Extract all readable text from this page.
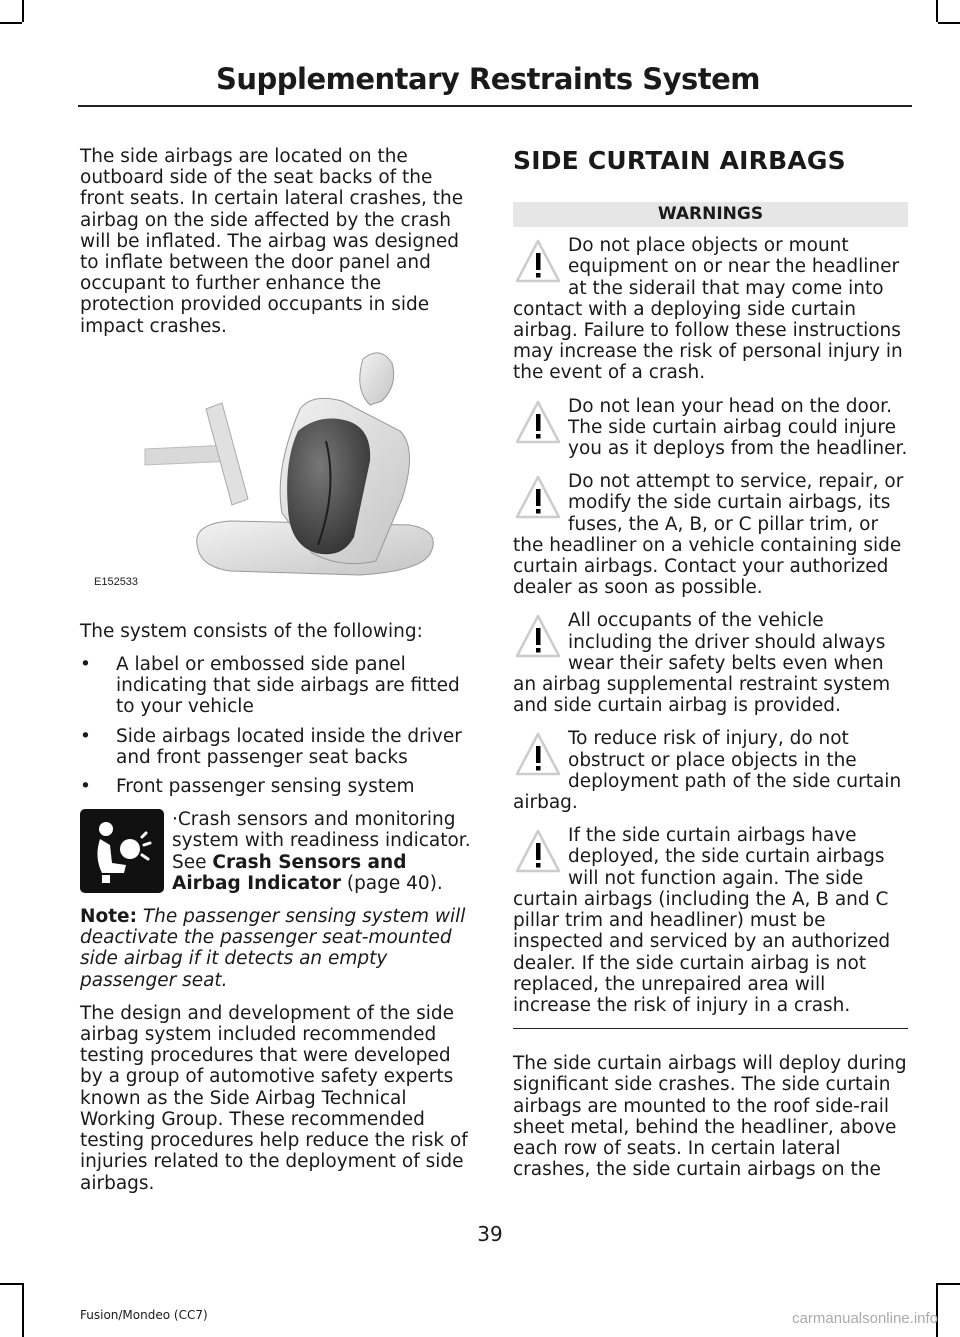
Supplementary Restraints System

The side airbags are located on the outboard side of the seat backs of the front seats. In certain lateral crashes, the airbag on the side affected by the crash will be inflated. The airbag was designed to inflate between the door panel and occupant to further enhance the protection provided occupants in side impact crashes.

E152533

The system consists of the following:

• A label or embossed side panel indicating that side airbags are fitted to your vehicle
• Side airbags located inside the driver and front passenger seat backs
• Front passenger sensing system

·Crash sensors and monitoring system with readiness indicator. See Crash Sensors and Airbag Indicator (page 40).

Note: The passenger sensing system will deactivate the passenger seat-mounted side airbag if it detects an empty passenger seat.

The design and development of the side airbag system included recommended testing procedures that were developed by a group of automotive safety experts known as the Side Airbag Technical Working Group. These recommended testing procedures help reduce the risk of injuries related to the deployment of side airbags.

SIDE CURTAIN AIRBAGS
WARNINGS
Do not place objects or mount equipment on or near the headliner at the siderail that may come into contact with a deploying side curtain airbag. Failure to follow these instructions may increase the risk of personal injury in the event of a crash.
Do not lean your head on the door. The side curtain airbag could injure you as it deploys from the headliner.
Do not attempt to service, repair, or modify the side curtain airbags, its fuses, the A, B, or C pillar trim, or the headliner on a vehicle containing side curtain airbags. Contact your authorized dealer as soon as possible.
All occupants of the vehicle including the driver should always wear their safety belts even when an airbag supplemental restraint system and side curtain airbag is provided.
To reduce risk of injury, do not obstruct or place objects in the deployment path of the side curtain airbag.
If the side curtain airbags have deployed, the side curtain airbags will not function again. The side curtain airbags (including the A, B and C pillar trim and headliner) must be inspected and serviced by an authorized dealer. If the side curtain airbag is not replaced, the unrepaired area will increase the risk of injury in a crash.

The side curtain airbags will deploy during significant side crashes. The side curtain airbags are mounted to the roof side-rail sheet metal, behind the headliner, above each row of seats. In certain lateral crashes, the side curtain airbags on the

39
Fusion/Mondeo (CC7)	carmanualsonline.info
